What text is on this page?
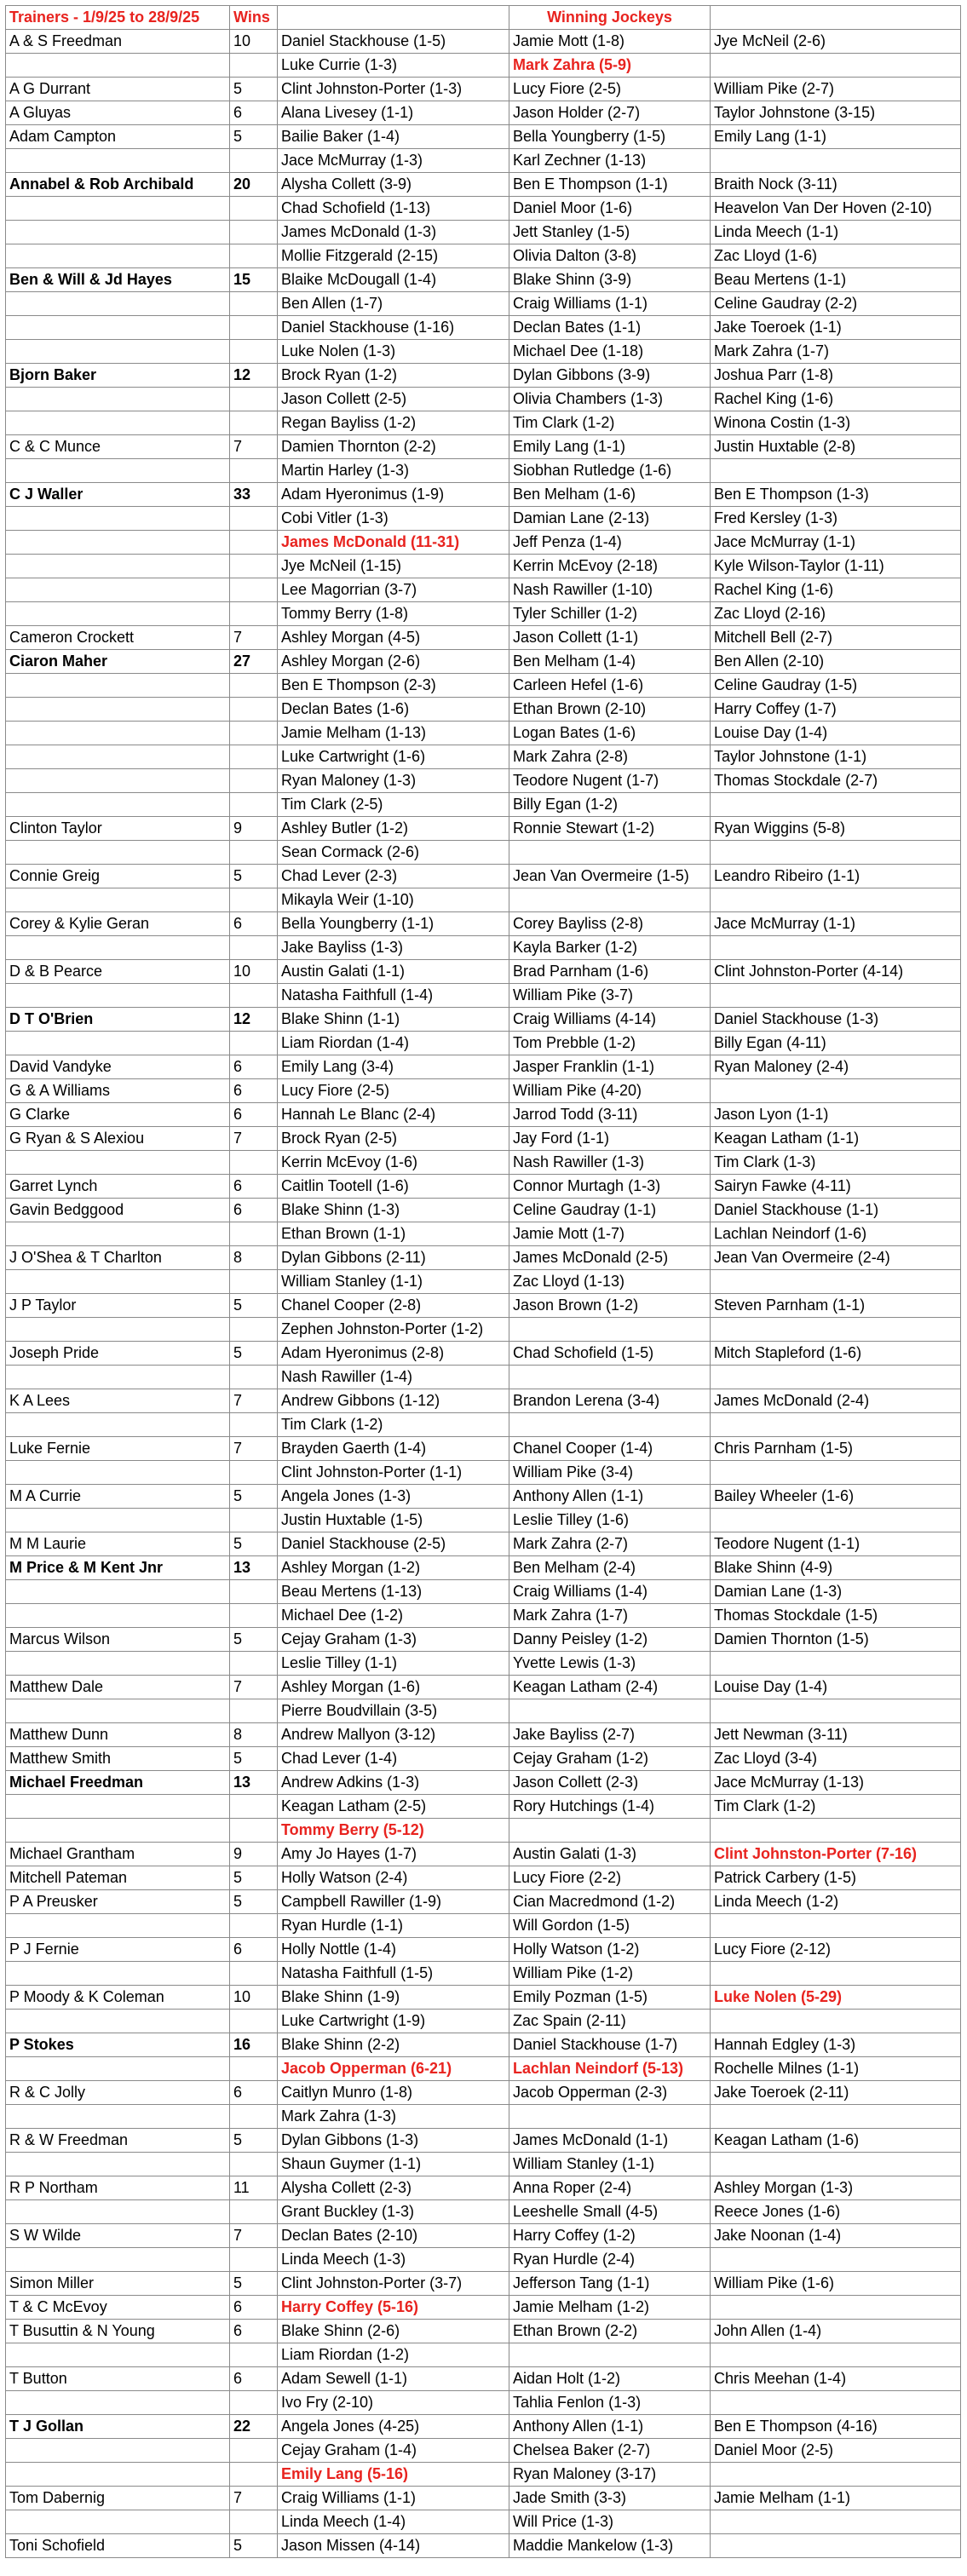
Trainers - 1/9/25 to 28/9/25	Wins		Winning Jockeys	
A & S Freedman	10	Daniel Stackhouse (1-5)	Jamie Mott (1-8)	Jye McNeil (2-6)
		Luke Currie (1-3)	Mark Zahra (5-9)	
A G Durrant	5	Clint Johnston-Porter (1-3)	Lucy Fiore (2-5)	William Pike (2-7)
A Gluyas	6	Alana Livesey (1-1)	Jason Holder (2-7)	Taylor Johnstone (3-15)
Adam Campton	5	Bailie Baker (1-4)	Bella Youngberry (1-5)	Emily Lang (1-1)
		Jace McMurray (1-3)	Karl Zechner (1-13)	
Annabel & Rob Archibald	20	Alysha Collett (3-9)	Ben E Thompson (1-1)	Braith Nock (3-11)
		Chad Schofield (1-13)	Daniel Moor (1-6)	Heavelon Van Der Hoven (2-10)
		James McDonald (1-3)	Jett Stanley (1-5)	Linda Meech (1-1)
		Mollie Fitzgerald (2-15)	Olivia Dalton (3-8)	Zac Lloyd (1-6)
Ben & Will & Jd Hayes	15	Blaike McDougall (1-4)	Blake Shinn (3-9)	Beau Mertens (1-1)
		Ben Allen (1-7)	Craig Williams (1-1)	Celine Gaudray (2-2)
		Daniel Stackhouse (1-16)	Declan Bates (1-1)	Jake Toeroek (1-1)
		Luke Nolen (1-3)	Michael Dee (1-18)	Mark Zahra (1-7)
Bjorn Baker	12	Brock Ryan (1-2)	Dylan Gibbons (3-9)	Joshua Parr (1-8)
		Jason Collett (2-5)	Olivia Chambers (1-3)	Rachel King (1-6)
		Regan Bayliss (1-2)	Tim Clark (1-2)	Winona Costin (1-3)
C & C Munce	7	Damien Thornton (2-2)	Emily Lang (1-1)	Justin Huxtable (2-8)
		Martin Harley (1-3)	Siobhan Rutledge (1-6)	
C J Waller	33	Adam Hyeronimus (1-9)	Ben Melham (1-6)	Ben E Thompson (1-3)
		Cobi Vitler (1-3)	Damian Lane (2-13)	Fred Kersley (1-3)
		James McDonald (11-31)	Jeff Penza (1-4)	Jace McMurray (1-1)
		Jye McNeil (1-15)	Kerrin McEvoy (2-18)	Kyle Wilson-Taylor (1-11)
		Lee Magorrian (3-7)	Nash Rawiller (1-10)	Rachel King (1-6)
		Tommy Berry (1-8)	Tyler Schiller (1-2)	Zac Lloyd (2-16)
Cameron Crockett	7	Ashley Morgan (4-5)	Jason Collett (1-1)	Mitchell Bell (2-7)
Ciaron Maher	27	Ashley Morgan (2-6)	Ben Melham (1-4)	Ben Allen (2-10)
		Ben E Thompson (2-3)	Carleen Hefel (1-6)	Celine Gaudray (1-5)
		Declan Bates (1-6)	Ethan Brown (2-10)	Harry Coffey (1-7)
		Jamie Melham (1-13)	Logan Bates (1-6)	Louise Day (1-4)
		Luke Cartwright (1-6)	Mark Zahra (2-8)	Taylor Johnstone (1-1)
		Ryan Maloney (1-3)	Teodore Nugent (1-7)	Thomas Stockdale (2-7)
		Tim Clark (2-5)	Billy Egan (1-2)	
Clinton Taylor	9	Ashley Butler (1-2)	Ronnie Stewart (1-2)	Ryan Wiggins (5-8)
		Sean Cormack (2-6)		
Connie Greig	5	Chad Lever (2-3)	Jean Van Overmeire (1-5)	Leandro Ribeiro (1-1)
		Mikayla Weir (1-10)		
Corey & Kylie Geran	6	Bella Youngberry (1-1)	Corey Bayliss (2-8)	Jace McMurray (1-1)
		Jake Bayliss (1-3)	Kayla Barker (1-2)	
D & B Pearce	10	Austin Galati (1-1)	Brad Parnham (1-6)	Clint Johnston-Porter (4-14)
		Natasha Faithfull (1-4)	William Pike (3-7)	
D T O'Brien	12	Blake Shinn (1-1)	Craig Williams (4-14)	Daniel Stackhouse (1-3)
		Liam Riordan (1-4)	Tom Prebble (1-2)	Billy Egan (4-11)
David Vandyke	6	Emily Lang (3-4)	Jasper Franklin (1-1)	Ryan Maloney (2-4)
G & A Williams	6	Lucy Fiore (2-5)	William Pike (4-20)	
G Clarke	6	Hannah Le Blanc (2-4)	Jarrod Todd (3-11)	Jason Lyon (1-1)
G Ryan & S Alexiou	7	Brock Ryan (2-5)	Jay Ford (1-1)	Keagan Latham (1-1)
		Kerrin McEvoy (1-6)	Nash Rawiller (1-3)	Tim Clark (1-3)
Garret Lynch	6	Caitlin Tootell (1-6)	Connor Murtagh (1-3)	Sairyn Fawke (4-11)
Gavin Bedggood	6	Blake Shinn (1-3)	Celine Gaudray (1-1)	Daniel Stackhouse (1-1)
		Ethan Brown (1-1)	Jamie Mott (1-7)	Lachlan Neindorf (1-6)
J O'Shea & T Charlton	8	Dylan Gibbons (2-11)	James McDonald (2-5)	Jean Van Overmeire (2-4)
		William Stanley (1-1)	Zac Lloyd (1-13)	
J P Taylor	5	Chanel Cooper (2-8)	Jason Brown (1-2)	Steven Parnham (1-1)
		Zephen Johnston-Porter (1-2)		
Joseph Pride	5	Adam Hyeronimus (2-8)	Chad Schofield (1-5)	Mitch Stapleford (1-6)
		Nash Rawiller (1-4)		
K A Lees	7	Andrew Gibbons (1-12)	Brandon Lerena (3-4)	James McDonald (2-4)
		Tim Clark (1-2)		
Luke Fernie	7	Brayden Gaerth (1-4)	Chanel Cooper (1-4)	Chris Parnham (1-5)
		Clint Johnston-Porter (1-1)	William Pike (3-4)	
M A Currie	5	Angela Jones (1-3)	Anthony Allen (1-1)	Bailey Wheeler (1-6)
		Justin Huxtable (1-5)	Leslie Tilley (1-6)	
M M Laurie	5	Daniel Stackhouse (2-5)	Mark Zahra (2-7)	Teodore Nugent (1-1)
M Price & M Kent Jnr	13	Ashley Morgan (1-2)	Ben Melham (2-4)	Blake Shinn (4-9)
		Beau Mertens (1-13)	Craig Williams (1-4)	Damian Lane (1-3)
		Michael Dee (1-2)	Mark Zahra (1-7)	Thomas Stockdale (1-5)
Marcus Wilson	5	Cejay Graham (1-3)	Danny Peisley (1-2)	Damien Thornton (1-5)
		Leslie Tilley (1-1)	Yvette Lewis (1-3)	
Matthew Dale	7	Ashley Morgan (1-6)	Keagan Latham (2-4)	Louise Day (1-4)
		Pierre Boudvillain (3-5)		
Matthew Dunn	8	Andrew Mallyon (3-12)	Jake Bayliss (2-7)	Jett Newman (3-11)
Matthew Smith	5	Chad Lever (1-4)	Cejay Graham (1-2)	Zac Lloyd (3-4)
Michael Freedman	13	Andrew Adkins (1-3)	Jason Collett (2-3)	Jace McMurray (1-13)
		Keagan Latham (2-5)	Rory Hutchings (1-4)	Tim Clark (1-2)
		Tommy Berry (5-12)		
Michael Grantham	9	Amy Jo Hayes (1-7)	Austin Galati (1-3)	Clint Johnston-Porter (7-16)
Mitchell Pateman	5	Holly Watson (2-4)	Lucy Fiore (2-2)	Patrick Carbery (1-5)
P A Preusker	5	Campbell Rawiller (1-9)	Cian Macredmond (1-2)	Linda Meech (1-2)
		Ryan Hurdle (1-1)	Will Gordon (1-5)	
P J Fernie	6	Holly Nottle (1-4)	Holly Watson (1-2)	Lucy Fiore (2-12)
		Natasha Faithfull (1-5)	William Pike (1-2)	
P Moody & K Coleman	10	Blake Shinn (1-9)	Emily Pozman (1-5)	Luke Nolen (5-29)
		Luke Cartwright (1-9)	Zac Spain (2-11)	
P Stokes	16	Blake Shinn (2-2)	Daniel Stackhouse (1-7)	Hannah Edgley (1-3)
		Jacob Opperman (6-21)	Lachlan Neindorf (5-13)	Rochelle Milnes (1-1)
R & C Jolly	6	Caitlyn Munro (1-8)	Jacob Opperman (2-3)	Jake Toeroek (2-11)
		Mark Zahra (1-3)		
R & W Freedman	5	Dylan Gibbons (1-3)	James McDonald (1-1)	Keagan Latham (1-6)
		Shaun Guymer (1-1)	William Stanley (1-1)	
R P Northam	11	Alysha Collett (2-3)	Anna Roper (2-4)	Ashley Morgan (1-3)
		Grant Buckley (1-3)	Leeshelle Small (4-5)	Reece Jones (1-6)
S W Wilde	7	Declan Bates (2-10)	Harry Coffey (1-2)	Jake Noonan (1-4)
		Linda Meech (1-3)	Ryan Hurdle (2-4)	
Simon Miller	5	Clint Johnston-Porter (3-7)	Jefferson Tang (1-1)	William Pike (1-6)
T & C McEvoy	6	Harry Coffey (5-16)	Jamie Melham (1-2)	
T Busuttin & N Young	6	Blake Shinn (2-6)	Ethan Brown (2-2)	John Allen (1-4)
		Liam Riordan (1-2)		
T Button	6	Adam Sewell (1-1)	Aidan Holt (1-2)	Chris Meehan (1-4)
		Ivo Fry (2-10)	Tahlia Fenlon (1-3)	
T J Gollan	22	Angela Jones (4-25)	Anthony Allen (1-1)	Ben E Thompson (4-16)
		Cejay Graham (1-4)	Chelsea Baker (2-7)	Daniel Moor (2-5)
		Emily Lang (5-16)	Ryan Maloney (3-17)	
Tom Dabernig	7	Craig Williams (1-1)	Jade Smith (3-3)	Jamie Melham (1-1)
		Linda Meech (1-4)	Will Price (1-3)	
Toni Schofield	5	Jason Missen (4-14)	Maddie Mankelow (1-3)	
